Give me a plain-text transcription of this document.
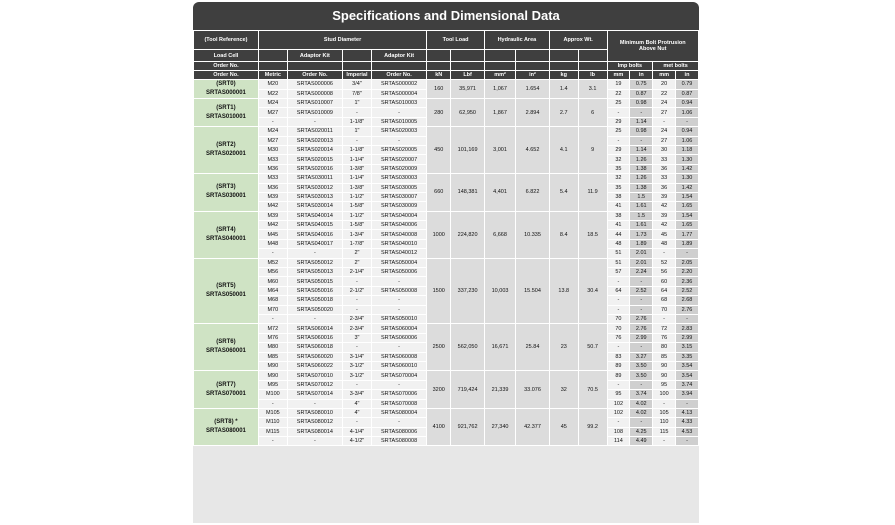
Specifications and Dimensional Data
(Tool Reference)	Stud Diameter				Tool Load		Hydraulic Area		Approx Wt.		Minimum Bolt Protrusion Above Nut			
Load Cell		Adaptor Kit		Adaptor Kit										
Order No.											Imp bolts		met bolts	
Order No.	Metric	Order No.	Imperial	Order No.	kN	Lbf	mm²	in²	kg	lb	mm	in	mm	in

(SRT0)
SRTAS000001	M20	SRTAS000006	3/4"	SRTAS000002	160	35,971	1,067	1.654	1.4	3.1	19	0.75	20	0.79
	M22	SRTAS000008	7/8"	SRTAS000004							22	0.87	22	0.87

(SRT1)
SRTAS010001	M24	SRTAS010007	1"	SRTAS010003	280	62,950	1,867	2.894	2.7	6	25	0.98	24	0.94
	M27	SRTAS010009	-	-							-	-	27	1.06
	-	-	1-1/8"	SRTAS010005							29	1.14	-	-

(SRT2)
SRTAS020001	M24	SRTAS020011	1"	SRTAS020003	450	101,169	3,001	4.652	4.1	9	25	0.98	24	0.94
	M27	SRTAS020013	-	-							-	-	27	1.06
	M30	SRTAS020014	1-1/8"	SRTAS020005							29	1.14	30	1.18
	M33	SRTAS020015	1-1/4"	SRTAS020007							32	1.26	33	1.30
	M36	SRTAS020016	1-3/8"	SRTAS020009							35	1.38	36	1.42

(SRT3)
SRTAS030001	M33	SRTAS030011	1-1/4"	SRTAS030003	660	148,381	4,401	6.822	5.4	11.9	32	1.26	33	1.30
	M36	SRTAS030012	1-3/8"	SRTAS030005							35	1.38	36	1.42
	M39	SRTAS030013	1-1/2"	SRTAS030007							38	1.5	39	1.54
	M42	SRTAS030014	1-5/8"	SRTAS030009							41	1.61	42	1.65

(SRT4)
SRTAS040001	M39	SRTAS040014	1-1/2"	SRTAS040004	1000	224,820	6,668	10.335	8.4	18.5	38	1.5	39	1.54
	M42	SRTAS040015	1-5/8"	SRTAS040006							41	1.61	42	1.65
	M45	SRTAS040016	1-3/4"	SRTAS040008							44	1.73	45	1.77
	M48	SRTAS040017	1-7/8"	SRTAS040010							48	1.89	48	1.89
	-	-	2"	SRTAS040012							51	2.01	-	-

(SRT5)
SRTAS050001	M52	SRTAS050012	2"	SRTAS050004	1500	337,230	10,003	15.504	13.8	30.4	51	2.01	52	2.05
	M56	SRTAS050013	2-1/4"	SRTAS050006							57	2.24	56	2.20
	M60	SRTAS050015	-	-							-	-	60	2.36
	M64	SRTAS050016	2-1/2"	SRTAS050008							64	2.52	64	2.52
	M68	SRTAS050018	-	-							-	-	68	2.68
	M70	SRTAS050020	-	-							-	-	70	2.76
	-	-	2-3/4"	SRTAS050010							70	2.76	-	-

(SRT6)
SRTAS060001	M72	SRTAS060014	2-3/4"	SRTAS060004	2500	562,050	16,671	25.84	23	50.7	70	2.76	72	2.83
	M76	SRTAS060016	3"	SRTAS060006							76	2.99	76	2.99
	M80	SRTAS060018	-	-							-	-	80	3.15
	M85	SRTAS060020	3-1/4"	SRTAS060008							83	3.27	85	3.35
	M90	SRTAS060022	3-1/2"	SRTAS060010							89	3.50	90	3.54

(SRT7)
SRTAS070001	M90	SRTAS070010	3-1/2"	SRTAS070004	3200	719,424	21,339	33.076	32	70.5	89	3.50	90	3.54
	M95	SRTAS070012	-	-							-	-	95	3.74
	M100	SRTAS070014	3-3/4"	SRTAS070006							95	3.74	100	3.94
	-	-	4"	SRTAS070008							102	4.02	-	-

(SRT8) *
SRTAS080001	M105	SRTAS080010	4"	SRTAS080004	4100	921,762	27,340	42.377	45	99.2	102	4.02	105	4.13
	M110	SRTAS080012	-	-							-	-	110	4.33
	M115	SRTAS080014	4-1/4"	SRTAS080006							108	4.25	115	4.53
	-	-	4-1/2"	SRTAS080008							114	4.49	-	-
